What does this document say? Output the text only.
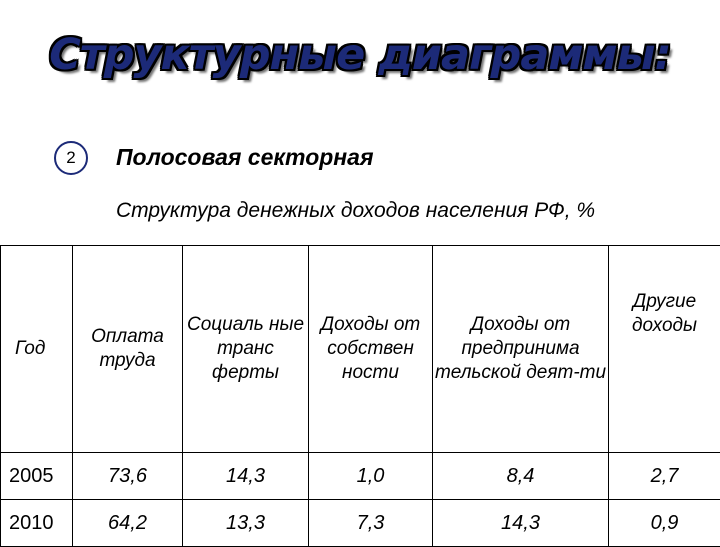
Структурные диаграммы:
2	Полосовая секторная
Структура денежных доходов населения РФ, %
Год	Оплата труда	Социаль ные транс ферты	Доходы от собствен ности	Доходы от предпринима тельской деят-ти	Другие доходы
2005	73,6	14,3	1,0	8,4	2,7
2010	64,2	13,3	7,3	14,3	0,9
